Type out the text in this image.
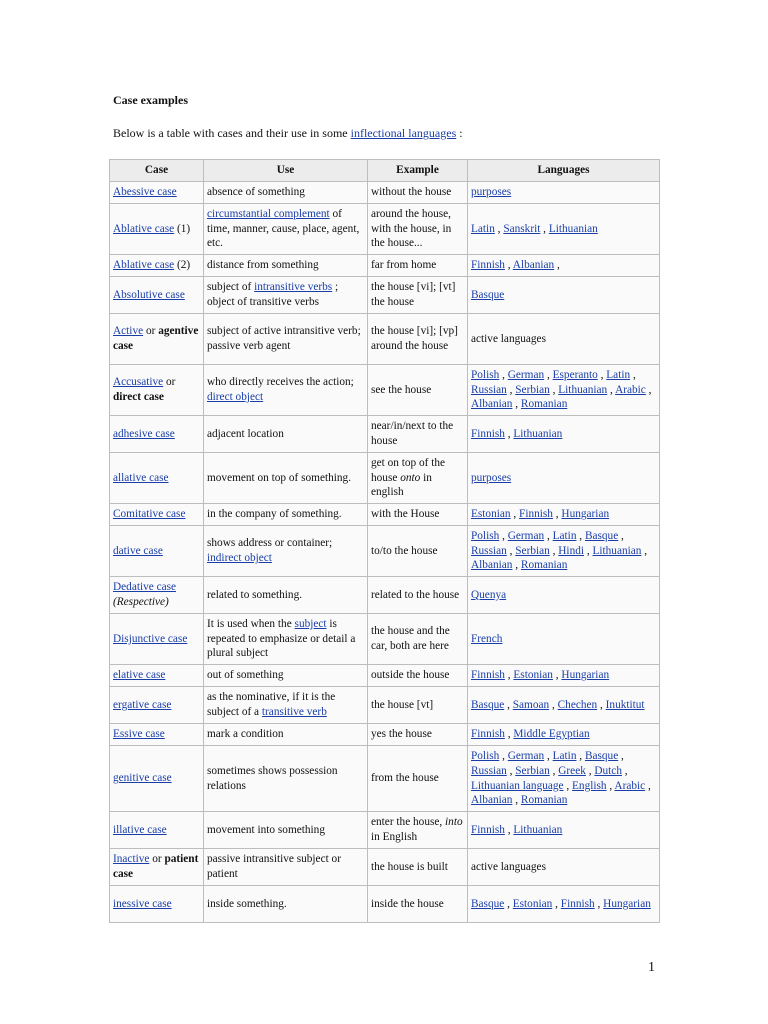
Case examples
Below is a table with cases and their use in some inflectional languages :
Case	Use	Example	Languages
Abessive case	absence of something	without the house	purposes
Ablative case (1)	circumstantial complement of time, manner, cause, place, agent, etc.	around the house, with the house, in the house...	Latin , Sanskrit , Lithuanian
Ablative case (2)	distance from something	far from home	Finnish , Albanian ,
Absolutive case	subject of intransitive verbs ; object of transitive verbs	the house [vi]; [vt] the house	Basque
Active or agentive case	subject of active intransitive verb; passive verb agent	the house [vi]; [vp] around the house	active languages
Accusative or direct case	who directly receives the action; direct object	see the house	Polish , German , Esperanto , Latin , Russian , Serbian , Lithuanian , Arabic , Albanian , Romanian
adhesive case	adjacent location	near/in/next to the house	Finnish , Lithuanian
allative case	movement on top of something.	get on top of the house onto in english	purposes
Comitative case	in the company of something.	with the House	Estonian , Finnish , Hungarian
dative case	shows address or container; indirect object	to/to the house	Polish , German , Latin , Basque , Russian , Serbian , Hindi , Lithuanian , Albanian , Romanian
Dedative case (Respective)	related to something.	related to the house	Quenya
Disjunctive case	It is used when the subject is repeated to emphasize or detail a plural subject	the house and the car, both are here	French
elative case	out of something	outside the house	Finnish , Estonian , Hungarian
ergative case	as the nominative, if it is the subject of a transitive verb	the house [vt]	Basque , Samoan , Chechen , Inuktitut
Essive case	mark a condition	yes the house	Finnish , Middle Egyptian
genitive case	sometimes shows possession relations	from the house	Polish , German , Latin , Basque , Russian , Serbian , Greek , Dutch , Lithuanian language , English , Arabic , Albanian , Romanian
illative case	movement into something	enter the house, into in English	Finnish , Lithuanian
Inactive or patient case	passive intransitive subject or patient	the house is built	active languages
inessive case	inside something.	inside the house	Basque , Estonian , Finnish , Hungarian
1
